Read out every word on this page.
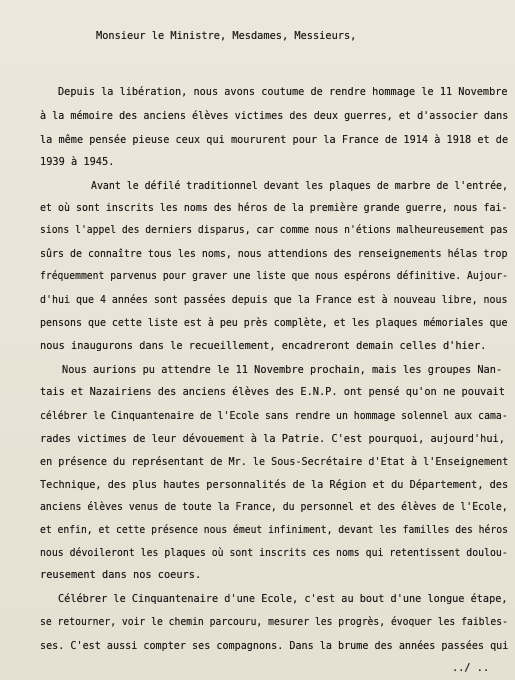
Monsieur le Ministre, Mesdames, Messieurs,
Depuis la libération, nous avons coutume de rendre hommage le 11 Novembre
à la mémoire des anciens élèves victimes des deux guerres, et d'associer dans
la même pensée pieuse ceux qui moururent pour la France de 1914 à 1918 et de
1939 à 1945.
Avant le défilé traditionnel devant les plaques de marbre de l'entrée,
et où sont inscrits les noms des héros de la première grande guerre, nous fai-
sions l'appel des derniers disparus, car comme nous n'étions malheureusement pas
sûrs de connaître tous les noms, nous attendions des renseignements hélas trop
fréquemment parvenus pour graver une liste que nous espérons définitive. Aujour-
d'hui que 4 années sont passées depuis que la France est à nouveau libre, nous
pensons que cette liste est à peu près complète, et les plaques mémoriales que
nous inaugurons dans le recueillement, encadreront demain celles d'hier.
Nous aurions pu attendre le 11 Novembre prochain, mais les groupes Nan-
tais et Nazairiens des anciens élèves des E.N.P. ont pensé qu'on ne pouvait
célébrer le Cinquantenaire de l'Ecole sans rendre un hommage solennel aux cama-
rades victimes de leur dévouement à la Patrie. C'est pourquoi, aujourd'hui,
en présence du représentant de Mr. le Sous-Secrétaire d'Etat à l'Enseignement
Technique, des plus hautes personnalités de la Région et du Département, des
anciens élèves venus de toute la France, du personnel et des élèves de l'Ecole,
et enfin, et cette présence nous émeut infiniment, devant les familles des héros
nous dévoileront les plaques où sont inscrits ces noms qui retentissent doulou-
reusement dans nos coeurs.
Célébrer le Cinquantenaire d'une Ecole, c'est au bout d'une longue étape,
se retourner, voir le chemin parcouru, mesurer les progrès, évoquer les faibles-
ses. C'est aussi compter ses compagnons. Dans la brume des années passées qui
../ ..
